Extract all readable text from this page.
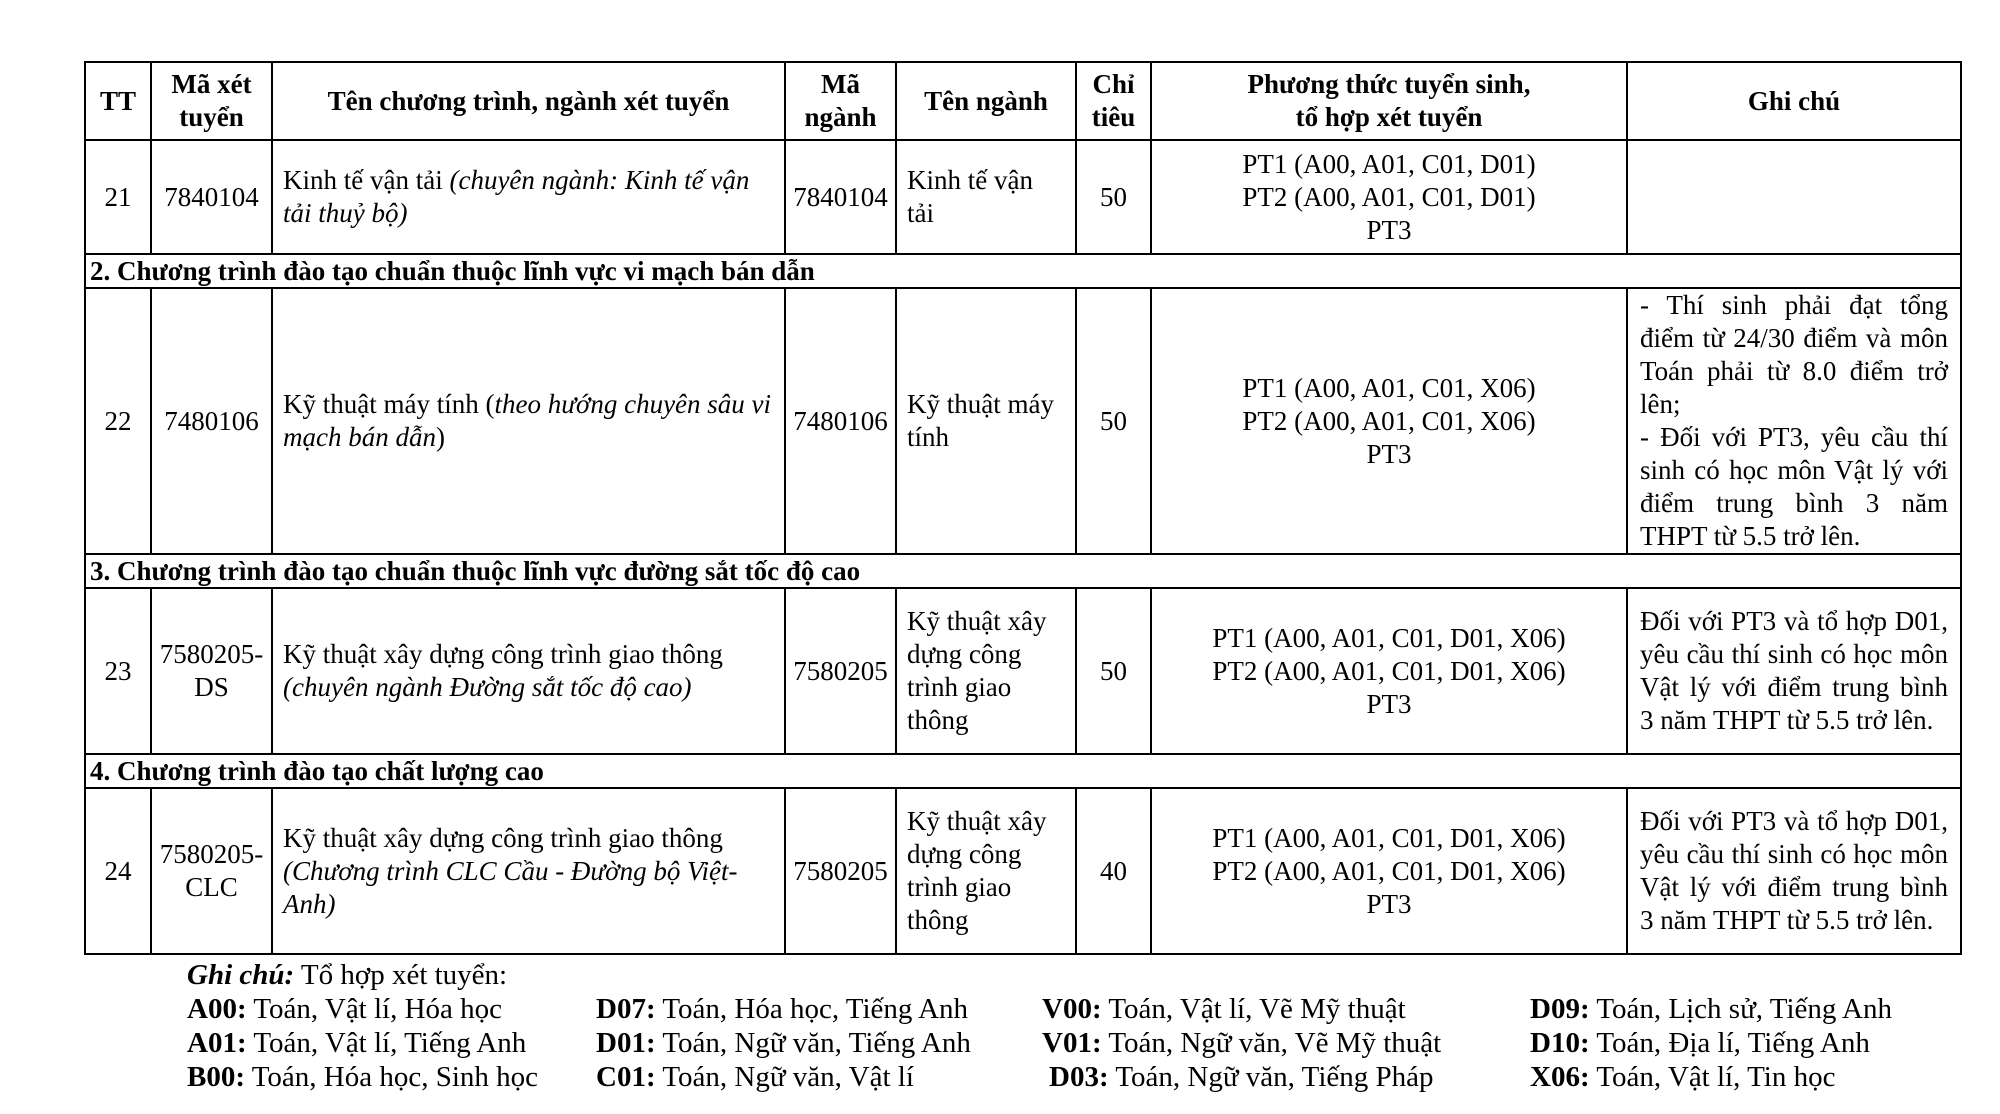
TT	Mã xét tuyển	Tên chương trình, ngành xét tuyển	Mã ngành	Tên ngành	Chỉ tiêu	Phương thức tuyển sinh,
tổ hợp xét tuyển	Ghi chú
21	7840104	Kinh tế vận tải (chuyên ngành: Kinh tế vận tải thuỷ bộ)	7840104	Kinh tế vận tải	50	PT1 (A00, A01, C01, D01)
PT2 (A00, A01, C01, D01)
PT3	

2. Chương trình đào tạo chuẩn thuộc lĩnh vực vi mạch bán dẫn							
22	7480106	Kỹ thuật máy tính (theo hướng chuyên sâu vi mạch bán dẫn)	7480106	Kỹ thuật máy tính	50	PT1 (A00, A01, C01, X06)
PT2 (A00, A01, C01, X06)
PT3	- Thí sinh phải đạt tổng điểm từ 24/30 điểm và môn Toán phải từ 8.0 điểm trở lên;
- Đối với PT3, yêu cầu thí sinh có học môn Vật lý với điểm trung bình 3 năm THPT từ 5.5 trở lên.

3. Chương trình đào tạo chuẩn thuộc lĩnh vực đường sắt tốc độ cao							
23	7580205-
DS	Kỹ thuật xây dựng công trình giao thông (chuyên ngành Đường sắt tốc độ cao)	7580205	Kỹ thuật xây dựng công trình giao thông	50	PT1 (A00, A01, C01, D01, X06)
PT2 (A00, A01, C01, D01, X06)
PT3	Đối với PT3 và tổ hợp D01, yêu cầu thí sinh có học môn Vật lý với điểm trung bình 3 năm THPT từ 5.5 trở lên.
4. Chương trình đào tạo chất lượng cao							
24	7580205-
CLC	Kỹ thuật xây dựng công trình giao thông (Chương trình CLC Cầu - Đường bộ Việt-Anh)	7580205	Kỹ thuật xây dựng công trình giao thông	40	PT1 (A00, A01, C01, D01, X06)
PT2 (A00, A01, C01, D01, X06)
PT3	Đối với PT3 và tổ hợp D01, yêu cầu thí sinh có học môn Vật lý với điểm trung bình 3 năm THPT từ 5.5 trở lên.
Ghi chú: Tổ hợp xét tuyển:
A00: Toán, Vật lí, Hóa học	D07: Toán, Hóa học, Tiếng Anh	V00: Toán, Vật lí, Vẽ Mỹ thuật	D09: Toán, Lịch sử, Tiếng Anh
A01: Toán, Vật lí, Tiếng Anh D01: Toán, Ngữ văn, Tiếng Anh V01: Toán, Ngữ văn, Vẽ Mỹ thuật	D10: Toán, Địa lí, Tiếng Anh
B00: Toán, Hóa học, Sinh học C01: Toán, Ngữ văn, Vật lí	D03: Toán, Ngữ văn, Tiếng Pháp	X06: Toán, Vật lí, Tin học
